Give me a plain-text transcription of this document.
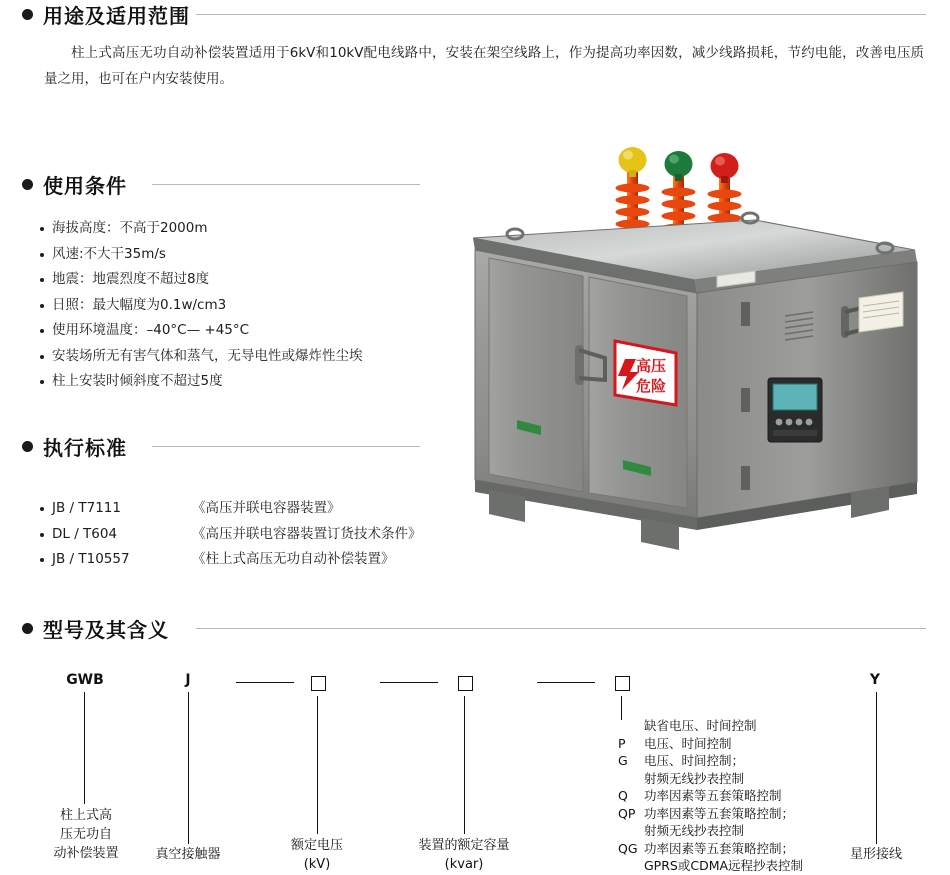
用途及适用范围
柱上式高压无功自动补偿装置适用于6kV和10kV配电线路中，安装在架空线路上，作为提高功率因数，减少线路损耗，节约电能，改善电压质量之用，也可在户内安装使用。
使用条件
海拔高度：不高于2000m
风速:不大干35m/s
地震：地震烈度不超过8度
日照：最大幅度为0.1w/cm3
使用环境温度：–40°C— +45°C
安装场所无有害气体和蒸气，无导电性或爆炸性尘埃
柱上安装时倾斜度不超过5度
执行标准
JB / T7111	《高压并联电容器装置》
DL / T604	《高压并联电容器装置订货技术条件》
JB / T10557	《柱上式高压无功自动补偿装置》
型号及其含义
高压
危险
GWB	J	Y
柱上式高
压无功自
动补偿装置	真空接触器
额定电压
(kV)
装置的额定容量
(kvar)
星形接线
缺省电压、时间控制
P 电压、时间控制
G 电压、时间控制；
射频无线抄表控制
Q 功率因素等五套策略控制
QP 功率因素等五套策略控制；
射频无线抄表控制
QG 功率因素等五套策略控制；
GPRS或CDMA远程抄表控制
